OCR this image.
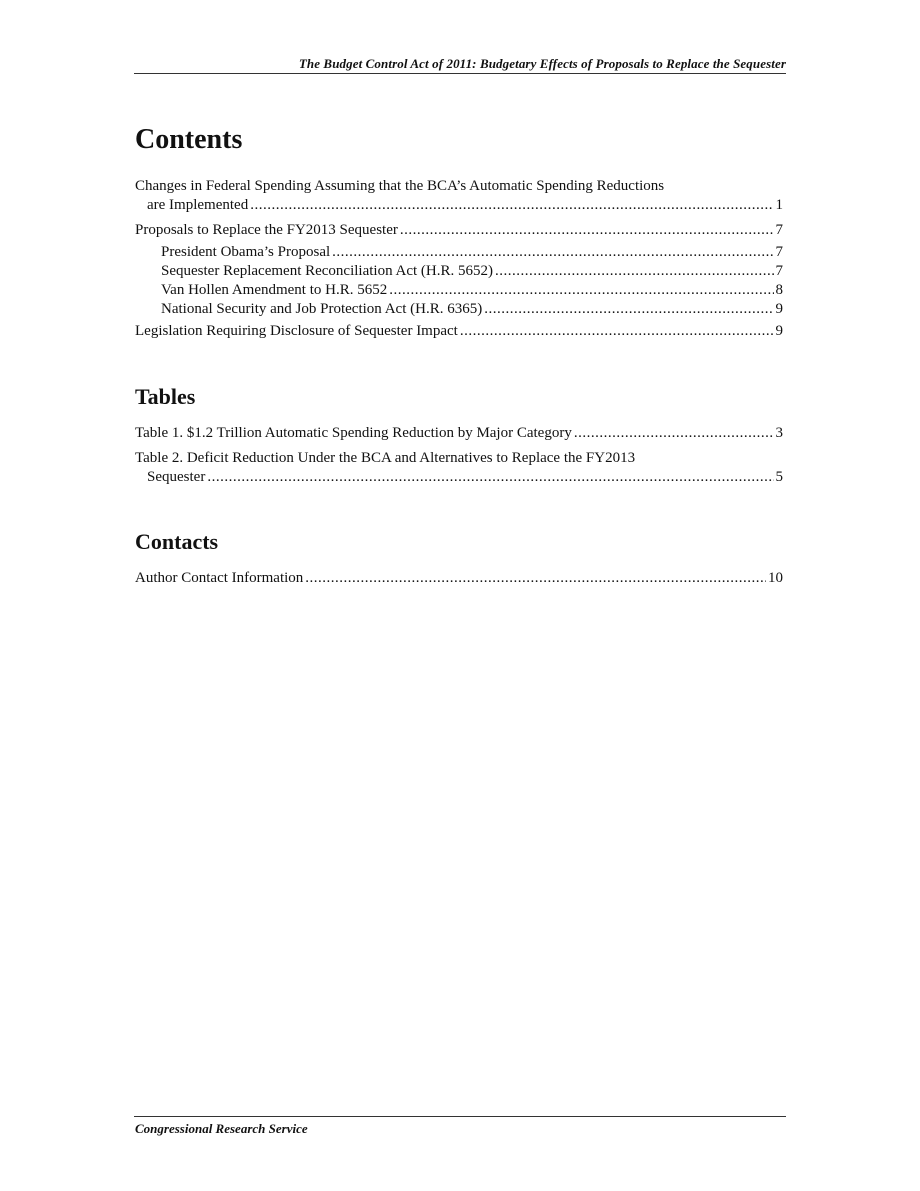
The Budget Control Act of 2011: Budgetary Effects of Proposals to Replace the Sequester
Contents
Changes in Federal Spending Assuming that the BCA’s Automatic Spending Reductions
are Implemented .....	1
Proposals to Replace the FY2013 Sequester .....	7
President Obama’s Proposal .....	7
Sequester Replacement Reconciliation Act (H.R. 5652) .....	7
Van Hollen Amendment to H.R. 5652 .....	8
National Security and Job Protection Act (H.R. 6365) .....	9
Legislation Requiring Disclosure of Sequester Impact .....	9
Tables
Table 1. $1.2 Trillion Automatic Spending Reduction by Major Category .....	3
Table 2. Deficit Reduction Under the BCA and Alternatives to Replace the FY2013
Sequester .....	5
Contacts
Author Contact Information .....	10
Congressional Research Service
